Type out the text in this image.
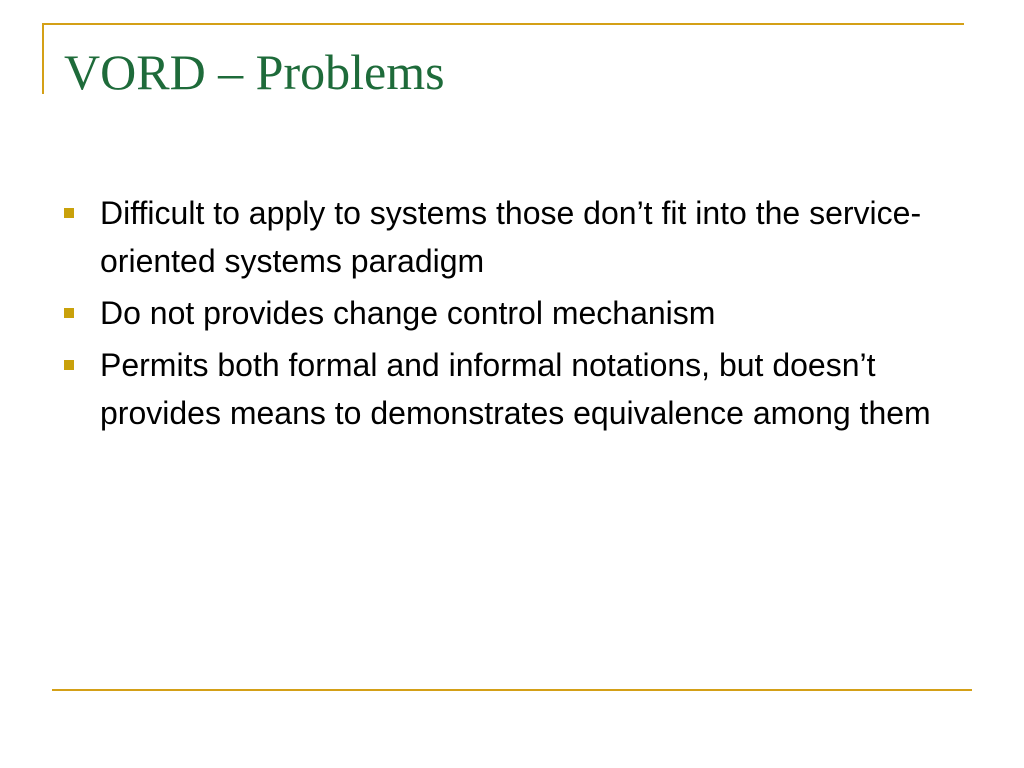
VORD – Problems
Difficult to apply to systems those don’t fit into the service-oriented systems paradigm
Do not provides change control mechanism
Permits both formal and informal notations, but doesn’t provides means to demonstrates equivalence among them
